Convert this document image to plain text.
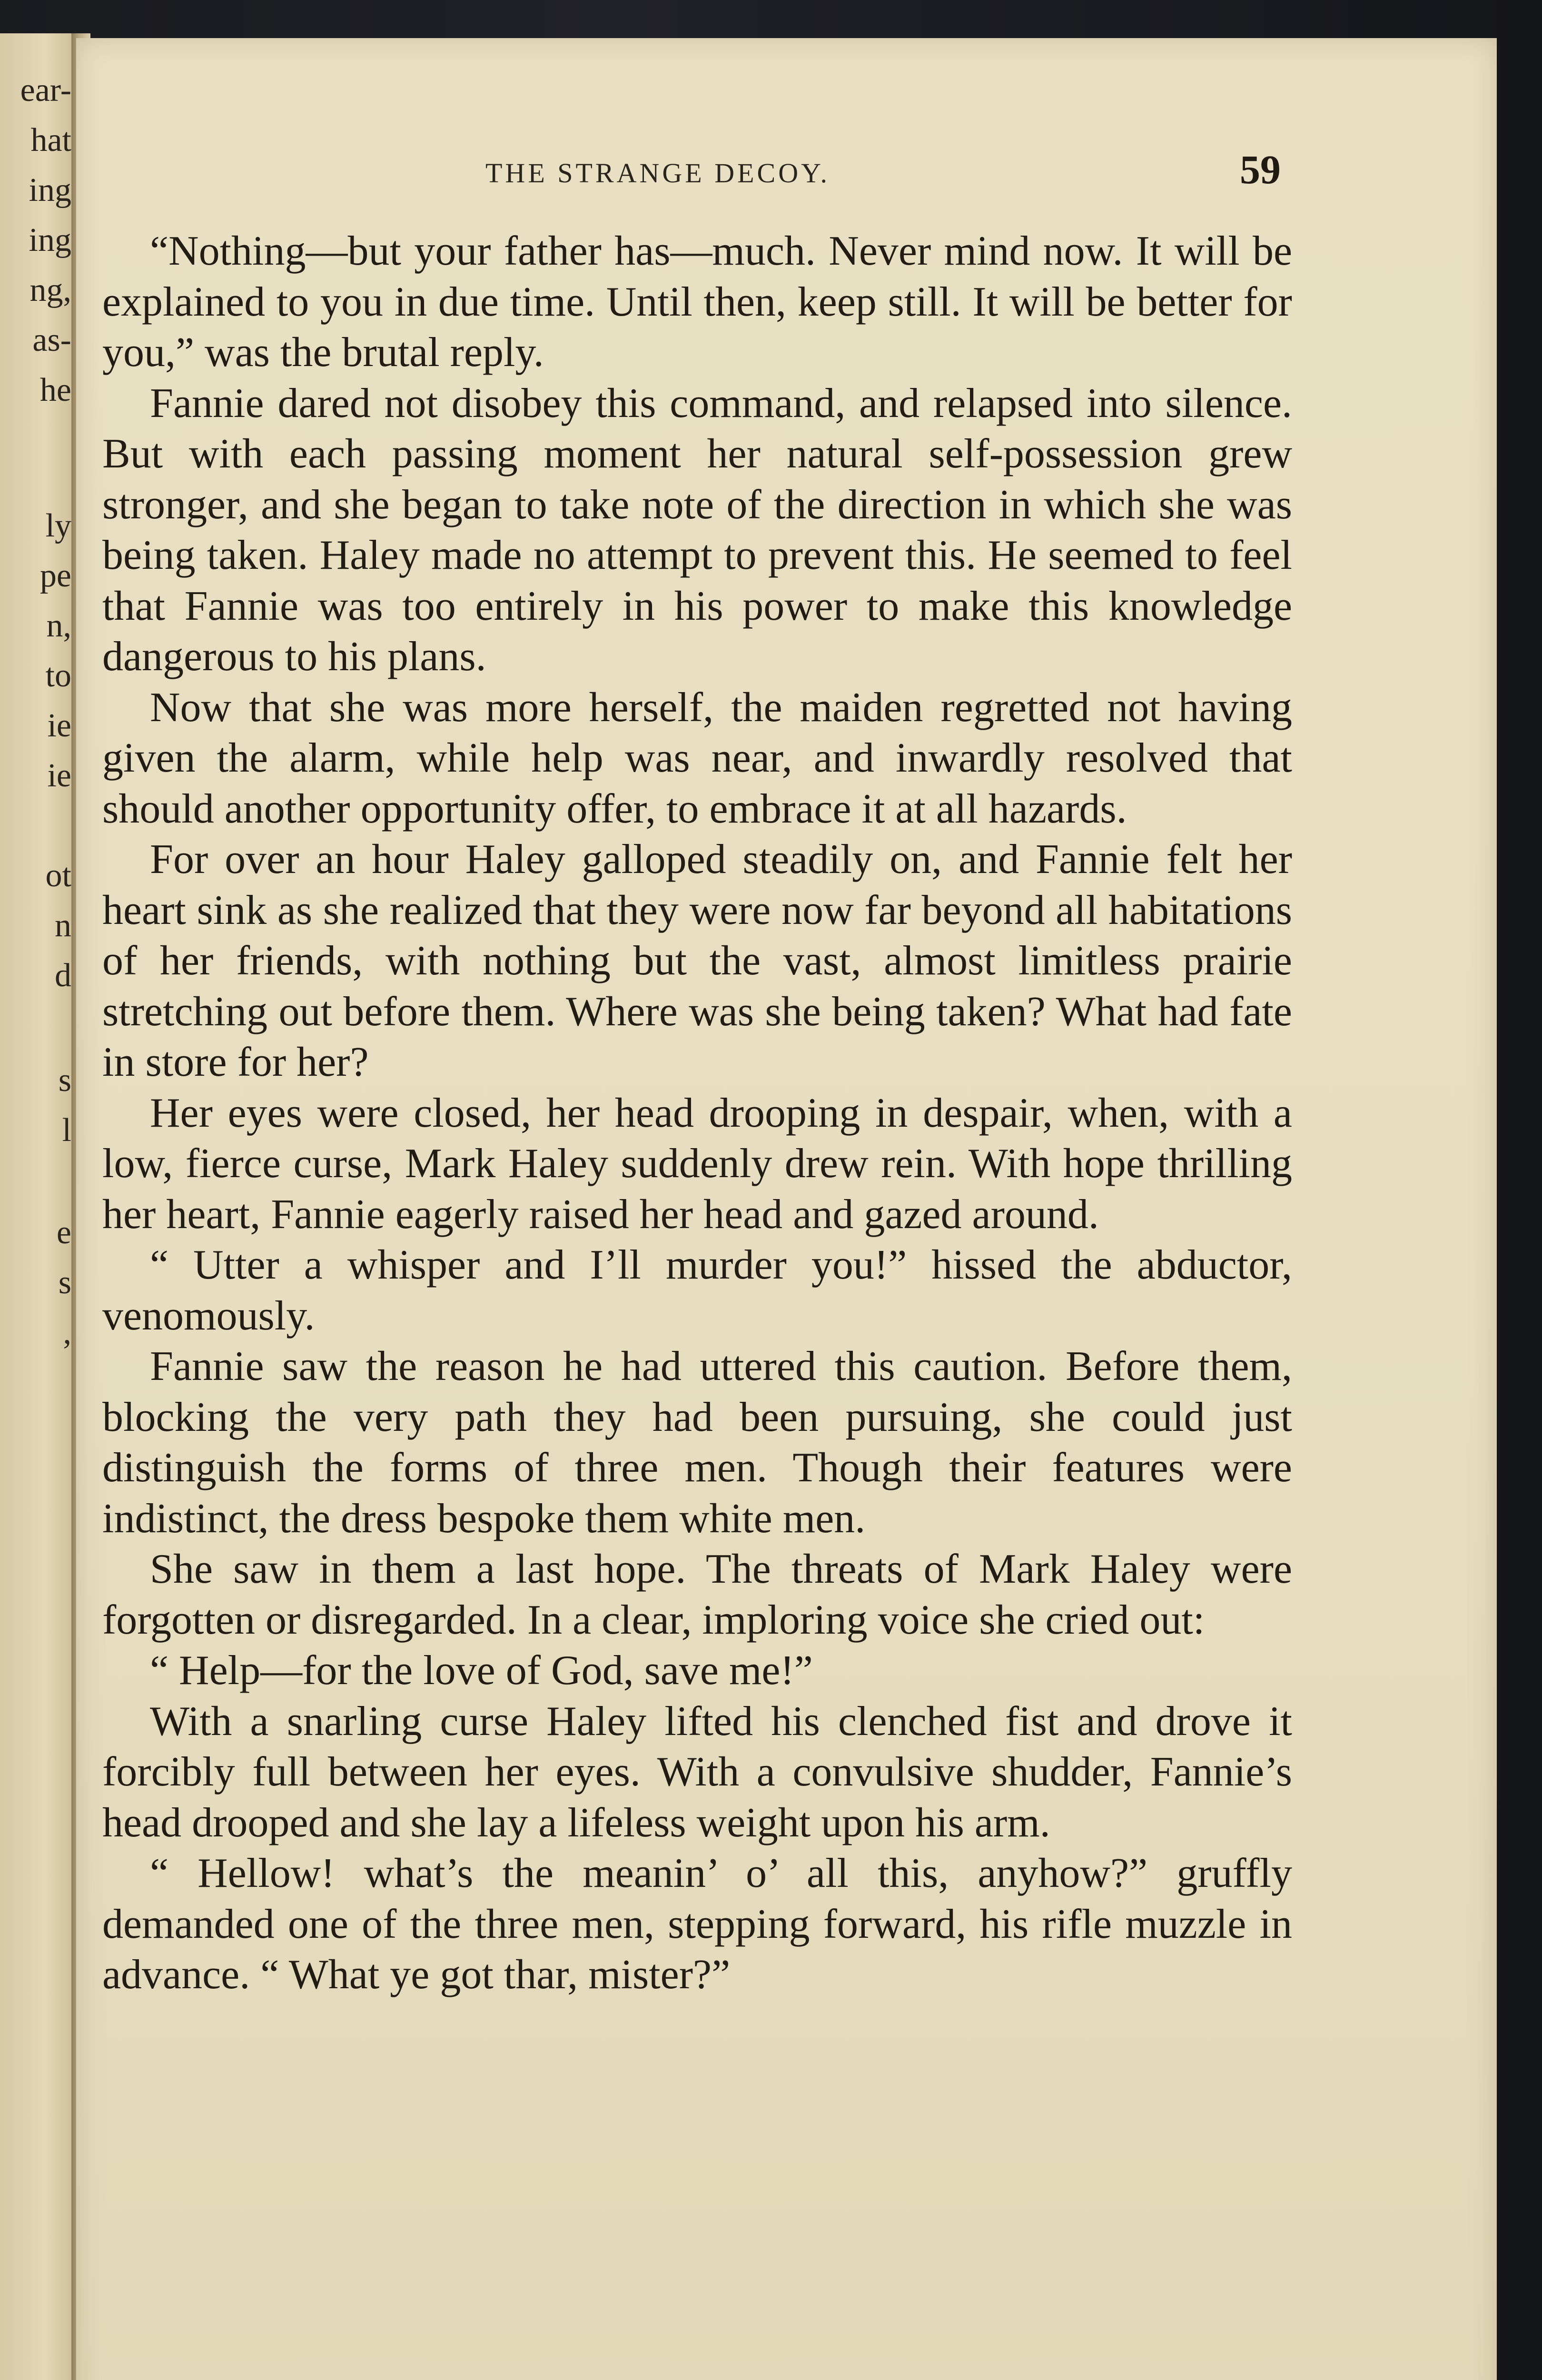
ear-
hat
ing
ing
ng,
as-
he
ly
pe
n,
to
ie
ie
ot
n
d
s
l
e
s
,
THE STRANGE DECOY.	59

“Nothing—but your father has—much. Never mind now. It will be explained to you in due time. Until then, keep still. It will be better for you,” was the brutal reply.

Fannie dared not disobey this command, and relapsed into silence. But with each passing moment her natural self-possession grew stronger, and she began to take note of the direction in which she was being taken. Haley made no attempt to prevent this. He seemed to feel that Fannie was too entirely in his power to make this knowledge dangerous to his plans.

Now that she was more herself, the maiden regretted not having given the alarm, while help was near, and inwardly resolved that should another opportunity offer, to embrace it at all hazards.

For over an hour Haley galloped steadily on, and Fannie felt her heart sink as she realized that they were now far beyond all habitations of her friends, with nothing but the vast, almost limitless prairie stretching out before them. Where was she being taken? What had fate in store for her?

Her eyes were closed, her head drooping in despair, when, with a low, fierce curse, Mark Haley suddenly drew rein. With hope thrilling her heart, Fannie eagerly raised her head and gazed around.

“ Utter a whisper and I’ll murder you!” hissed the abductor, venomously.

Fannie saw the reason he had uttered this caution. Before them, blocking the very path they had been pursuing, she could just distinguish the forms of three men. Though their features were indistinct, the dress bespoke them white men.

She saw in them a last hope. The threats of Mark Haley were forgotten or disregarded. In a clear, imploring voice she cried out:

“ Help—for the love of God, save me!”

With a snarling curse Haley lifted his clenched fist and drove it forcibly full between her eyes. With a convulsive shudder, Fannie’s head drooped and she lay a lifeless weight upon his arm.

“ Hellow! what’s the meanin’ o’ all this, anyhow?” gruffly demanded one of the three men, stepping forward, his rifle muzzle in advance. “ What ye got thar, mister?”
